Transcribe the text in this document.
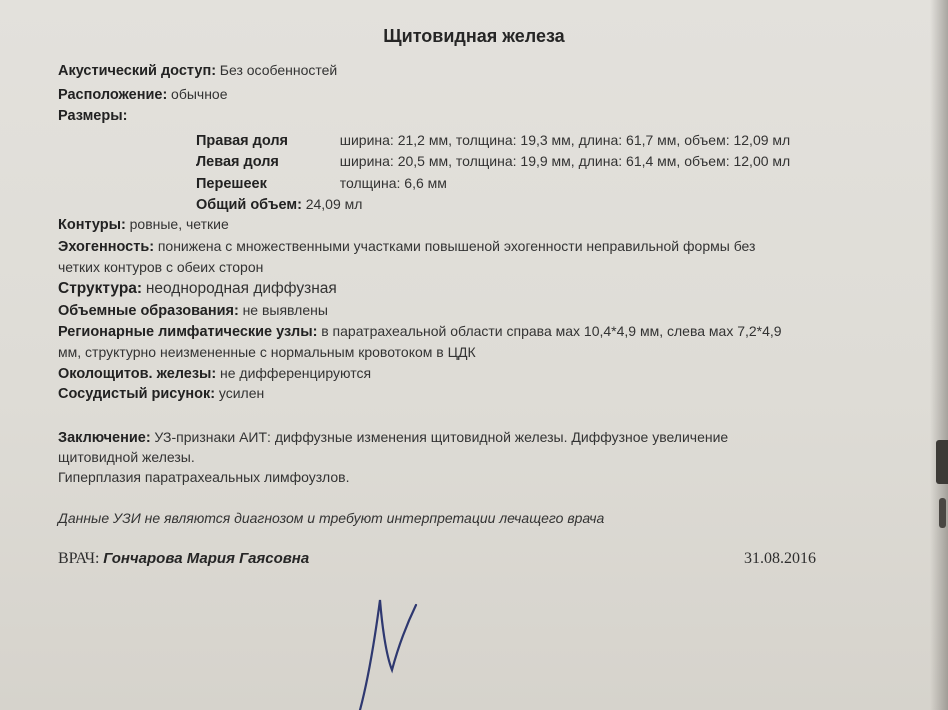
Щитовидная железа
Акустический доступ: Без особенностей
Расположение: обычное
Размеры:
Правая доля	ширина: 21,2 мм, толщина: 19,3 мм, длина: 61,7 мм, объем: 12,09 мл
Левая доля	ширина: 20,5 мм, толщина: 19,9 мм, длина: 61,4 мм, объем: 12,00 мл
Перешеек	толщина: 6,6 мм
Общий объем: 24,09 мл
Контуры: ровные, четкие
Эхогенность: понижена с множественными участками повышеной эхогенности неправильной формы без
четких контуров с обеих сторон
Структура: неоднородная диффузная
Объемные образования: не выявлены
Регионарные лимфатические узлы: в паратрахеальной области справа мах 10,4*4,9 мм, слева мах 7,2*4,9
мм, структурно неизмененные с нормальным кровотоком в ЦДК
Околощитов. железы: не дифференцируются
Сосудистый рисунок: усилен
Заключение: УЗ-признаки АИТ: диффузные изменения щитовидной железы. Диффузное увеличение
щитовидной железы.
Гиперплазия паратрахеальных лимфоузлов.
Данные УЗИ не являются диагнозом и требуют интерпретации лечащего врача
ВРАЧ: Гончарова Мария Гаясовна	31.08.2016
